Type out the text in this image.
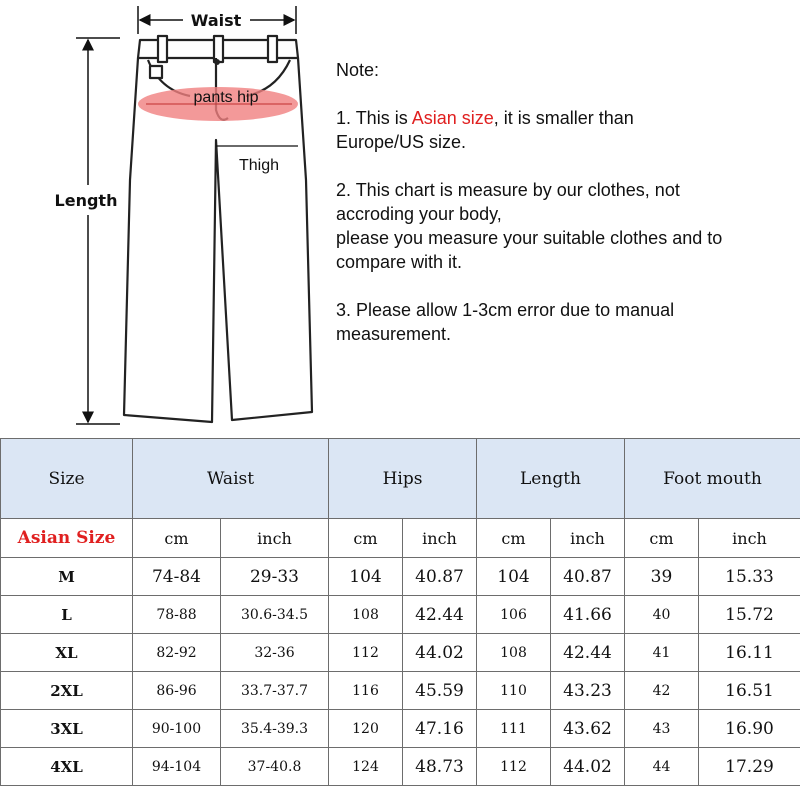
Waist
Length
pants hip
Thigh

Note:

1. This is Asian size, it is smaller than

Europe/US size.

2. This chart is measure by our clothes, not

accroding your body,

please you measure your suitable clothes and to

compare with it.

3. Please allow 1-3cm error due to manual

measurement.

Size	Waist		Hips		Length		Foot mouth	
Asian Size	cm	inch	cm	inch	cm	inch	cm	inch
M	74-84	29-33	104	40.87	104	40.87	39	15.33
L	78-88	30.6-34.5	108	42.44	106	41.66	40	15.72
XL	82-92	32-36	112	44.02	108	42.44	41	16.11
2XL	86-96	33.7-37.7	116	45.59	110	43.23	42	16.51
3XL	90-100	35.4-39.3	120	47.16	111	43.62	43	16.90
4XL	94-104	37-40.8	124	48.73	112	44.02	44	17.29
